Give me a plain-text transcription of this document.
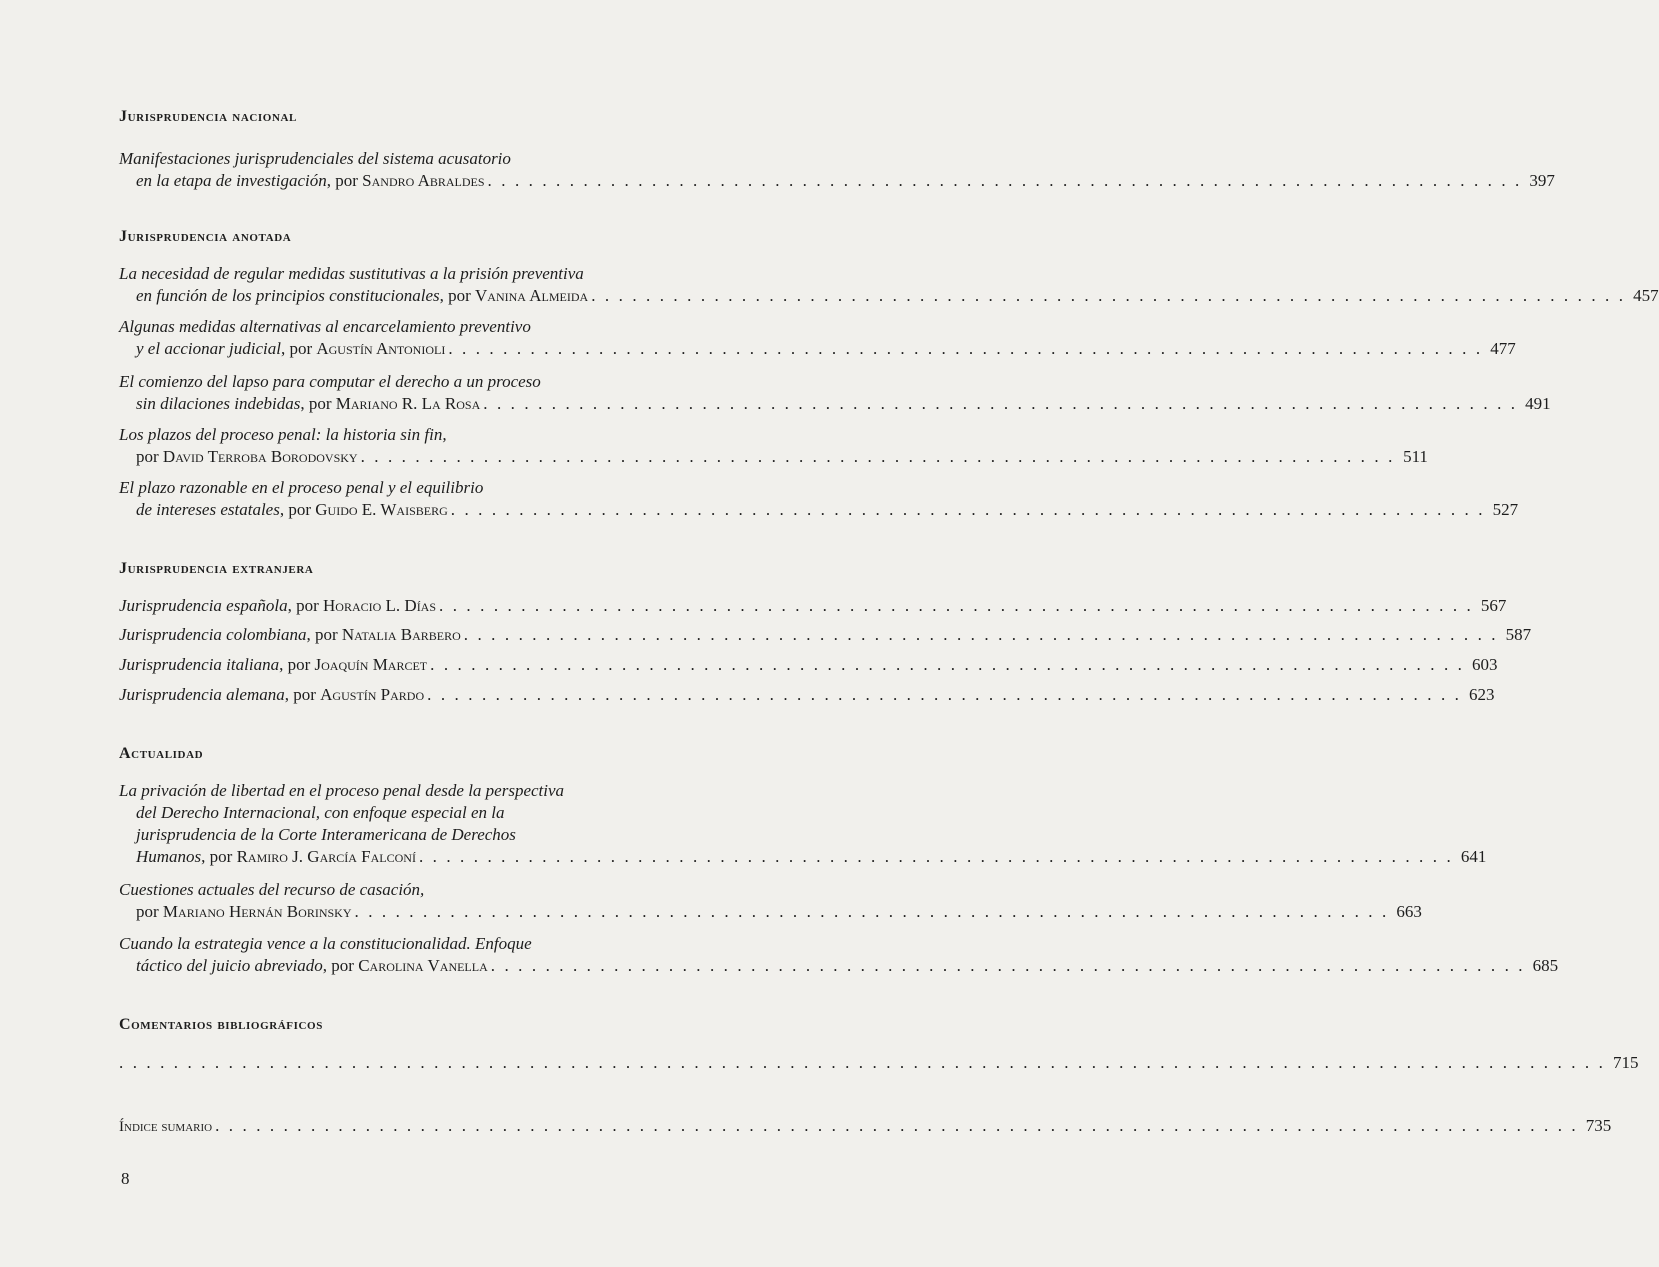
Jurisprudencia nacional
Manifestaciones jurisprudenciales del sistema acusatorio
en la etapa de investigación, por Sandro Abraldes . . . . . . . . . . . . . . . . . . . . . . . . . . . . . . . . . . . . . . . . . . . . . . . . . . . . . . . . . . . . . . . . . . . . . . . . . . . . 397
Jurisprudencia anotada
La necesidad de regular medidas sustitutivas a la prisión preventiva
en función de los principios constitucionales, por Vanina Almeida . . . . . . . . . . . . . . . . . . . . . . . . . . . . . . . . . . . . . . . . . . . . . . . . . . . . . . . . . . . . . . . . . . . . . . . . . . . . 457
Algunas medidas alternativas al encarcelamiento preventivo
y el accionar judicial, por Agustín Antonioli . . . . . . . . . . . . . . . . . . . . . . . . . . . . . . . . . . . . . . . . . . . . . . . . . . . . . . . . . . . . . . . . . . . . . . . . . . . . 477
El comienzo del lapso para computar el derecho a un proceso
sin dilaciones indebidas, por Mariano R. La Rosa . . . . . . . . . . . . . . . . . . . . . . . . . . . . . . . . . . . . . . . . . . . . . . . . . . . . . . . . . . . . . . . . . . . . . . . . . . . . 491
Los plazos del proceso penal: la historia sin fin,
por David Terroba Borodovsky . . . . . . . . . . . . . . . . . . . . . . . . . . . . . . . . . . . . . . . . . . . . . . . . . . . . . . . . . . . . . . . . . . . . . . . . . . . . 511
El plazo razonable en el proceso penal y el equilibrio
de intereses estatales, por Guido E. Waisberg . . . . . . . . . . . . . . . . . . . . . . . . . . . . . . . . . . . . . . . . . . . . . . . . . . . . . . . . . . . . . . . . . . . . . . . . . . . . 527
Jurisprudencia extranjera
Jurisprudencia española, por Horacio L. Días . . . . . . . . . . . . . . . . . . . . . . . . . . . . . . . . . . . . . . . . . . . . . . . . . . . . . . . . . . . . . . . . . . . . . . . . . . . . 567
Jurisprudencia colombiana, por Natalia Barbero . . . . . . . . . . . . . . . . . . . . . . . . . . . . . . . . . . . . . . . . . . . . . . . . . . . . . . . . . . . . . . . . . . . . . . . . . . . . 587
Jurisprudencia italiana, por Joaquín Marcet . . . . . . . . . . . . . . . . . . . . . . . . . . . . . . . . . . . . . . . . . . . . . . . . . . . . . . . . . . . . . . . . . . . . . . . . . . . . 603
Jurisprudencia alemana, por Agustín Pardo . . . . . . . . . . . . . . . . . . . . . . . . . . . . . . . . . . . . . . . . . . . . . . . . . . . . . . . . . . . . . . . . . . . . . . . . . . . . 623
Actualidad
La privación de libertad en el proceso penal desde la perspectiva
del Derecho Internacional, con enfoque especial en la
jurisprudencia de la Corte Interamericana de Derechos
Humanos, por Ramiro J. García Falconí . . . . . . . . . . . . . . . . . . . . . . . . . . . . . . . . . . . . . . . . . . . . . . . . . . . . . . . . . . . . . . . . . . . . . . . . . . . . 641
Cuestiones actuales del recurso de casación,
por Mariano Hernán Borinsky . . . . . . . . . . . . . . . . . . . . . . . . . . . . . . . . . . . . . . . . . . . . . . . . . . . . . . . . . . . . . . . . . . . . . . . . . . . . 663
Cuando la estrategia vence a la constitucionalidad. Enfoque
táctico del juicio abreviado, por Carolina Vanella . . . . . . . . . . . . . . . . . . . . . . . . . . . . . . . . . . . . . . . . . . . . . . . . . . . . . . . . . . . . . . . . . . . . . . . . . . . . 685
Comentarios bibliográficos
. . . . . . . . . . . . . . . . . . . . . . . . . . . . . . . . . . . . . . . . . . . . . . . . . . . . . . . . . . . . . . . . . . . . . . . . . . . . . . . . . . . . . . . . . . . . . . . . . . . . . . . . . . . . . 715
Índice sumario . . . . . . . . . . . . . . . . . . . . . . . . . . . . . . . . . . . . . . . . . . . . . . . . . . . . . . . . . . . . . . . . . . . . . . . . . . . . . . . . . . . . . . . . . . . . . . . . . . . . 735
8
